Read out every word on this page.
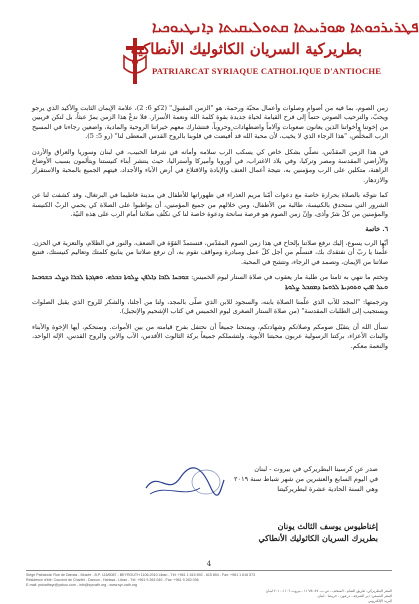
ܦܛܪܝܪܟܘܬܐ ܣܘܪܝܝܬܐ ܩܬܘܠܝܩܝܬܐ ܕܐܢܛܝܘܟܝܐ
بطريركية السريان الكاثوليك الأنطاكية
PATRIARCAT SYRIAQUE CATHOLIQUE D'ANTIOCHE

زمن الصوم، بما فيه من أصوام وصلوات وأعمال محبّة ورحمة، هو "الزمن المقبول" (2كو 6: 2)، علامة الإيمان الثابت والأكيد الذي يرجو ويحبّ، والترحيب الصوتي حتماً إلى فرح القيامة لحياة جديدة بقوة كلمة الله ونعمة الأسرار. فلا ندعْ هذا الزمن يمرّ عبثاً، بل لنكن قريبين من إخوتنا وأخواتنا الذين يعانون صعوبات وآلاماً واضطهادات وحروباً، فنتشارك معهم خيراتنا الروحية والمادية، واضعين رجاءنا في المسيح الرب المخلِّص، "هذا الرجاء الذي لا يخيب، لأن محبة الله قد أُفيضت في قلوبنا بالروح القدس المعطى لنا" (رو 5: 5).

في هذا الزمن المقدّس، نصلّي بشكل خاص كي يسكب الرب سلامه وأمانه في شرقنا الحبيب، في لبنان وسوريا والعراق والأردن والأراضي المقدسة ومصر وتركيا، وفي بلاد الاغتراب، في أوروبا وأميركا وأستراليا، حيث ينتشر أبناء كنيستنا ويتألمون بسبب الأوضاع الراهنة، متكلين على الرب ومؤمنين به، نتيجة أعمال العنف والإبادة والاقتلاع في أرض الآباء والأجداد، فيتهم الجميع بالمحبة والاستقرار والازدهار.

كما نتوجّه بالصلاة بحرارة خاصة مع دعوات أمّنا مريم العذراء في ظهوراتها للأطفال في مدينة فاطيما في البرتغال، وقد كشفت لنا عن الشرور التي ستحدق بالكنيسة، طالبة من الأطفال، ومن خلالهم من جميع المؤمنين، أن يواظبوا على الصلاة كي يحمي الربّ الكنيسة والمؤمنين من كلّ شرّ وأذى، وإنّ زمن الصوم هو فرصة سانحة ودعوة خاصة لنا كي نكثّف صلاتنا أمام الرب على هذه النيّة.

٦. خاتمة

أيّها الرب يسوع، إليك نرفع صلاتنا بإلحاح في هذا زمن الصوم المقدّس، فتستمدّ القوّة في الضعف، والنور في الظلام، والتعزية في الحزن. علّمنا يا ربّ أن نفتقدك بك، فنسلّم من أجل كلّ عمل ومبادرة ومواقف نقوم به، أن نرفع صلاتنا من ينابيع كلمتك وتعاليم كنيستك، فنتبع صلاتنا من الإيمان، وتصمد في الرجاء، وتتشح في المحبة.

ونختم ما ننهي به ثامنا من طلبة مار يعقوب في صلاة الستار ليوم الخميس: ܫܘܒܚܐ ܠܐܒܐ ܕܐܠܦܢ ܨܠܘܬܐ ܒܒܪܗ. ܘܣܓܕܬܐ ܠܒܪܐ ܕܨܠܝ ܒܫܘܒܚܐ ܘܥܠ ܐܦܝܢ ܘܬܘܕܝܬܐ ܠܪܘܚܐ ܕܡܩܒܠ ܨܠܘܬܐ

وترجمتها: "المجد للآب الذي علّمنا الصلاة بابنه، والسجود للابن الذي صلّى بالمجد، ولنا من أجلنا، والشكر للروح الذي يقبل الصلوات ويستجيب إلى الطلبات المقدسة" (من صلاة الستار الصغرى ليوم الخميس في كتاب الإشحيم والإنجيل).

نسأل الله أن يتقبّل صومكم وصلاتكم وشهادتكم، ويمنحنا جميعاً أن نحتفل بفرح قيامته من بين الأموات. ونمنحكم، أيها الإخوة والأبناء والبنات الأعزاء، بركتنا الرسولية عربون محبتنا الأبوية. ولتشملكم جميعاً بركة الثالوث الأقدس، الآب والابن والروح القدس، الإله الواحد، والنعمة معكم.

صدر عن كرسينا البطريركي في بيروت - لبنان
في اليوم السابع والعشرين من شهر شباط سنة ٢٠١٩
وهي السنة الحادية عشرة لبطريركيتنا
إغناطيوس يوسف الثالث يونان
بطريرك السريان الكاثوليك الأنطاكي
4
Siège Patriarcal: Rue de Damas - Musée - B.P. 116/5087 - BEYROUTH 1106-2010 Liban - Tél: +961 1 615 892 - 615 894 - Fax: +961 1 616 573
Résidence d'été: Couvent de Charfet - Daroun - Harissa - Liban - Tél: +961 9 263 040 - Fax: +961 9 263 036
E-mail: pstcathsyr@yahoo.com - info@syrcath.org - www.syr-cath.org
المقر البطريركي: طريق الشام - المتحف - ص.ب. ١١٦/٥٠٨٧ - بيروت ١١٠٦-٢٠١٠ لبنان
المقر الصيفي: دير الشرفة - درعون - حريصا - لبنان
البريد الإلكتروني
